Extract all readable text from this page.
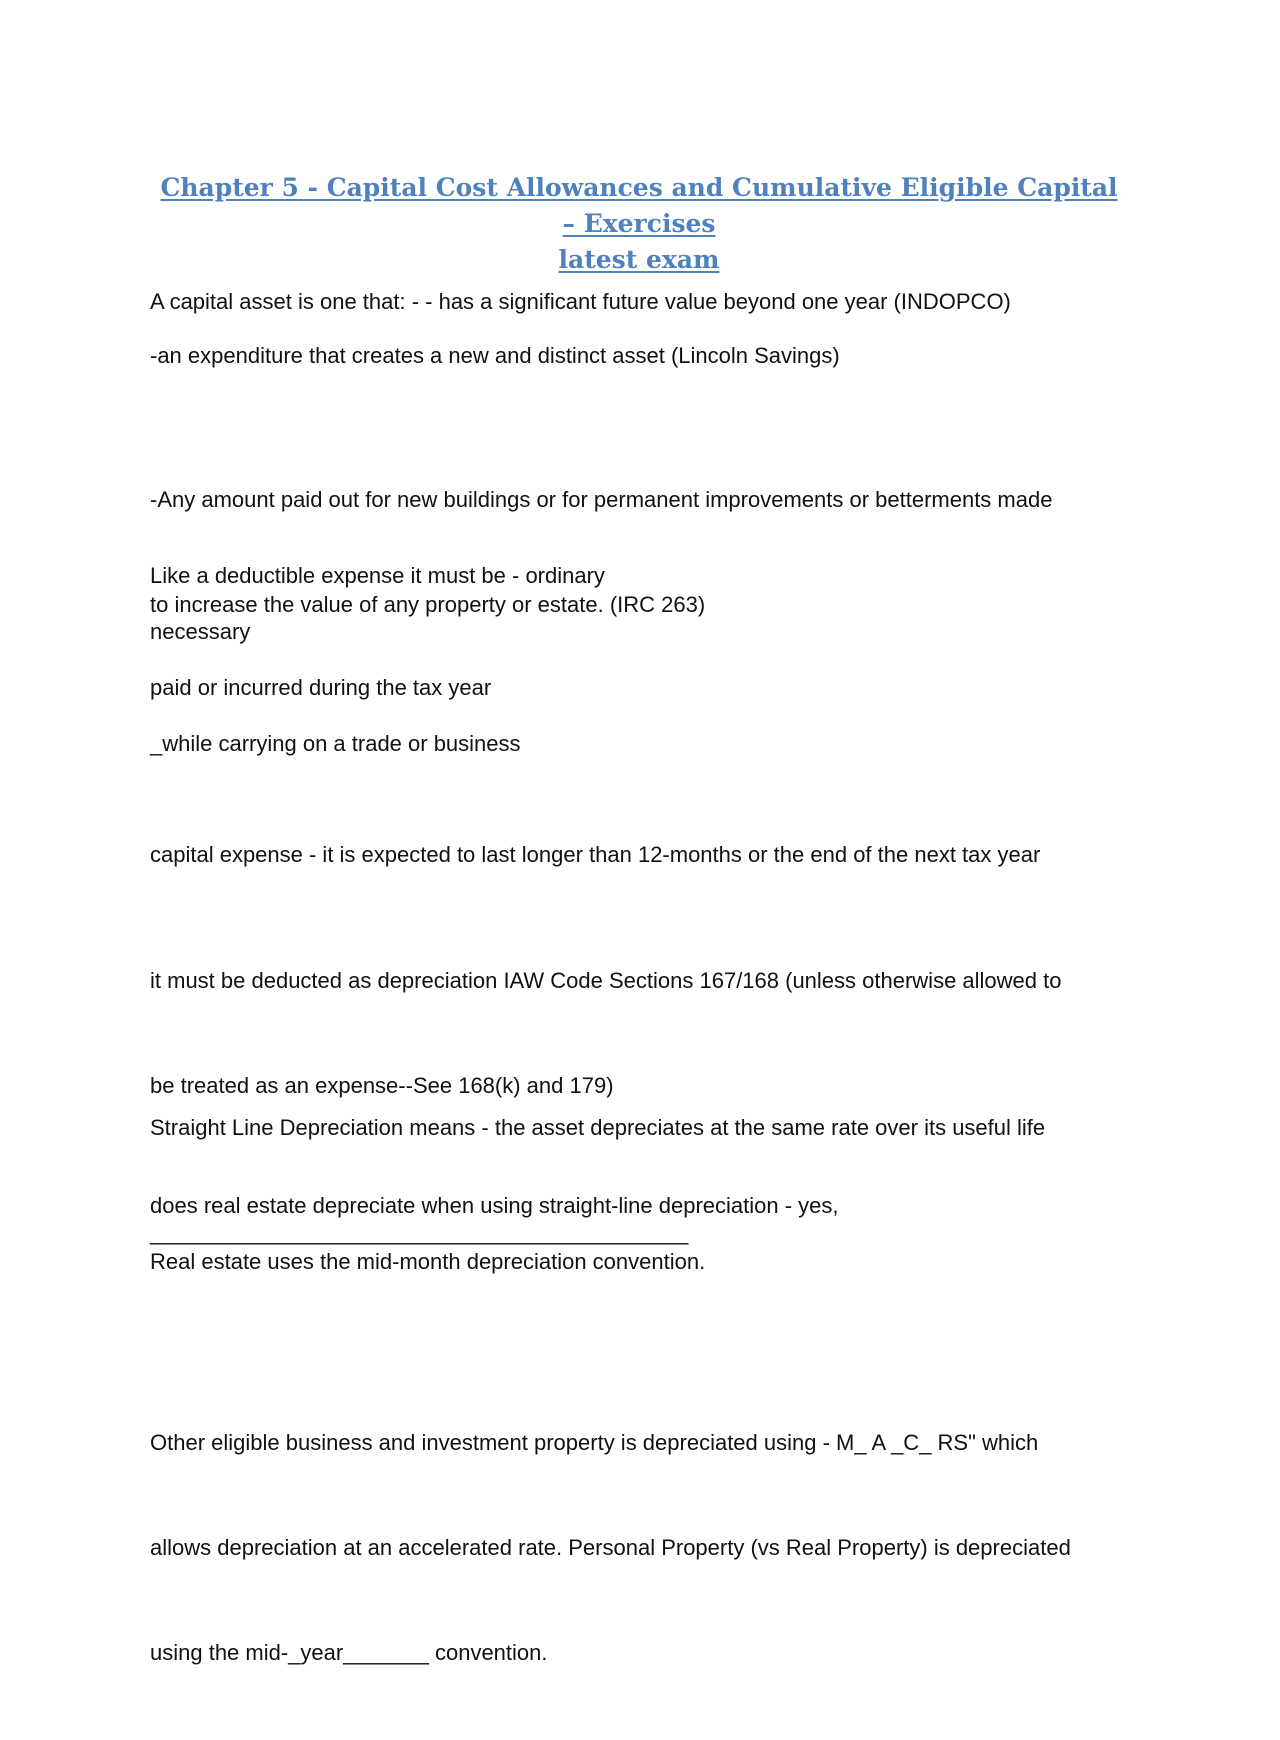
Chapter 5 - Capital Cost Allowances and Cumulative Eligible Capital – Exercises
latest exam

A capital asset is one that: - - has a significant future value beyond one year (INDOPCO)

-an expenditure that creates a new and distinct asset (Lincoln Savings)

-Any amount paid out for new buildings or for permanent improvements or betterments made

to increase the value of any property or estate. (IRC 263)

Like a deductible expense it must be - ordinary

necessary

paid or incurred during the tax year

_while carrying on a trade or business

capital expense - it is expected to last longer than 12-months or the end of the next tax year

it must be deducted as depreciation IAW Code Sections 167/168 (unless otherwise allowed to

be treated as an expense--See 168(k) and 179)

Straight Line Depreciation means - the asset depreciates at the same rate over its useful life

____________________________________________

does real estate depreciate when using straight-line depreciation - yes,

Real estate uses the mid-month depreciation convention.

Other eligible business and investment property is depreciated using - M_ A _C_ RS" which

allows depreciation at an accelerated rate. Personal Property (vs Real Property) is depreciated

using the mid-_year_______ convention.
